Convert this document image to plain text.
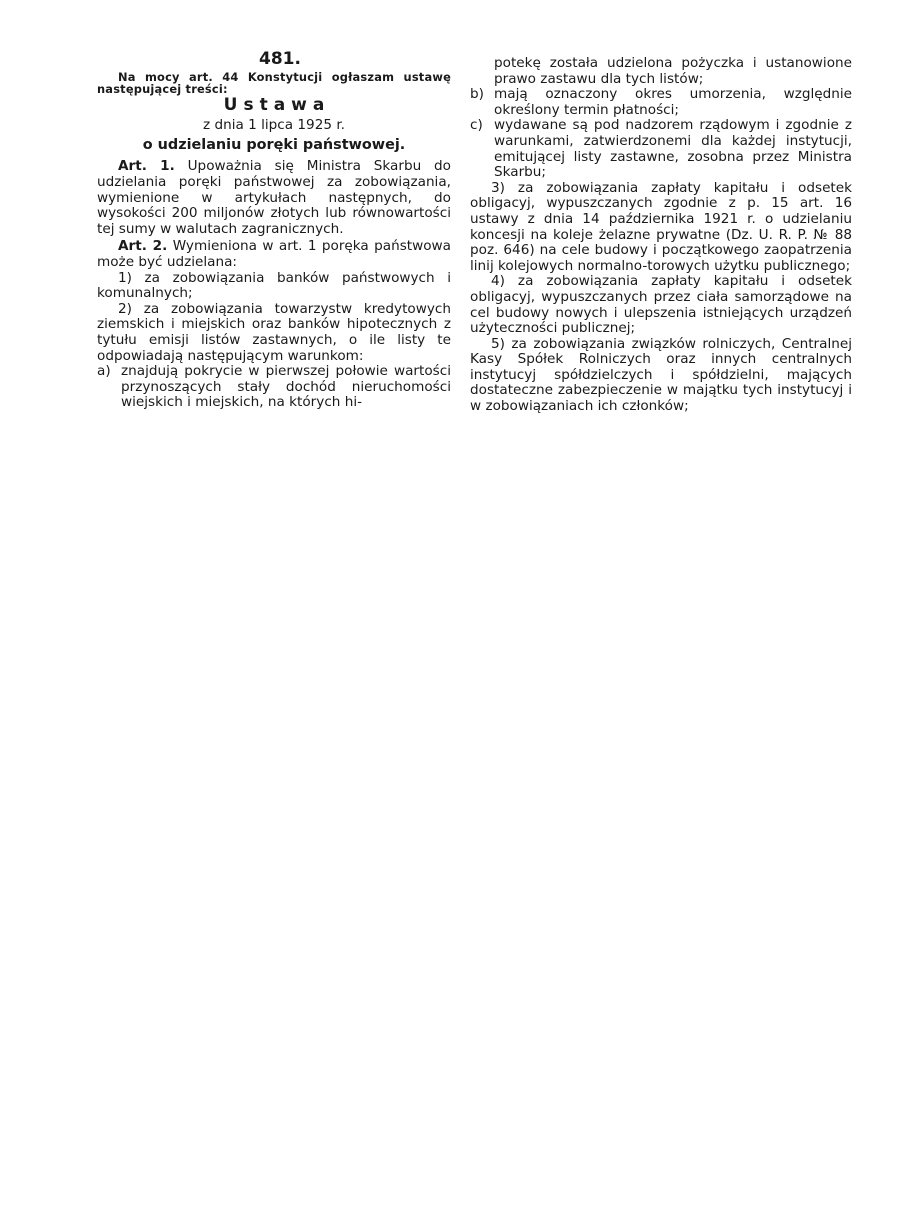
481.

Na mocy art. 44 Konstytucji ogłaszam ustawę następującej treści:

Ustawa

z dnia 1 lipca 1925 r.

o udzielaniu poręki państwowej.

Art. 1. Upoważnia się Ministra Skarbu do udzielania poręki państwowej za zobowiązania, wymienione w artykułach następnych, do wysokości 200 miljonów złotych lub równowartości tej sumy w walutach zagranicznych.

Art. 2. Wymieniona w art. 1 poręka państwowa może być udzielana:

1) za zobowiązania banków państwowych i komunalnych;

2) za zobowiązania towarzystw kredytowych ziemskich i miejskich oraz banków hipotecznych z tytułu emisji listów zastawnych, o ile listy te odpowiadają następującym warunkom:

a) znajdują pokrycie w pierwszej połowie wartości przynoszących stały dochód nieruchomości wiejskich i miejskich, na których hi-

potekę została udzielona pożyczka i ustanowione prawo zastawu dla tych listów;

b) mają oznaczony okres umorzenia, względnie określony termin płatności;
c) wydawane są pod nadzorem rządowym i zgodnie z warunkami, zatwierdzonemi dla każdej instytucji, emitującej listy zastawne, zosobna przez Ministra Skarbu;

3) za zobowiązania zapłaty kapitału i odsetek obligacyj, wypuszczanych zgodnie z p. 15 art. 16 ustawy z dnia 14 października 1921 r. o udzielaniu koncesji na koleje żelazne prywatne (Dz. U. R. P. № 88 poz. 646) na cele budowy i początkowego zaopatrzenia linij kolejowych normalno-torowych użytku publicznego;

4) za zobowiązania zapłaty kapitału i odsetek obligacyj, wypuszczanych przez ciała samorządowe na cel budowy nowych i ulepszenia istniejących urządzeń użyteczności publicznej;

5) za zobowiązania związków rolniczych, Centralnej Kasy Spółek Rolniczych oraz innych centralnych instytucyj spółdzielczych i spółdzielni, mających dostateczne zabezpieczenie w majątku tych instytucyj i w zobowiązaniach ich członków;
